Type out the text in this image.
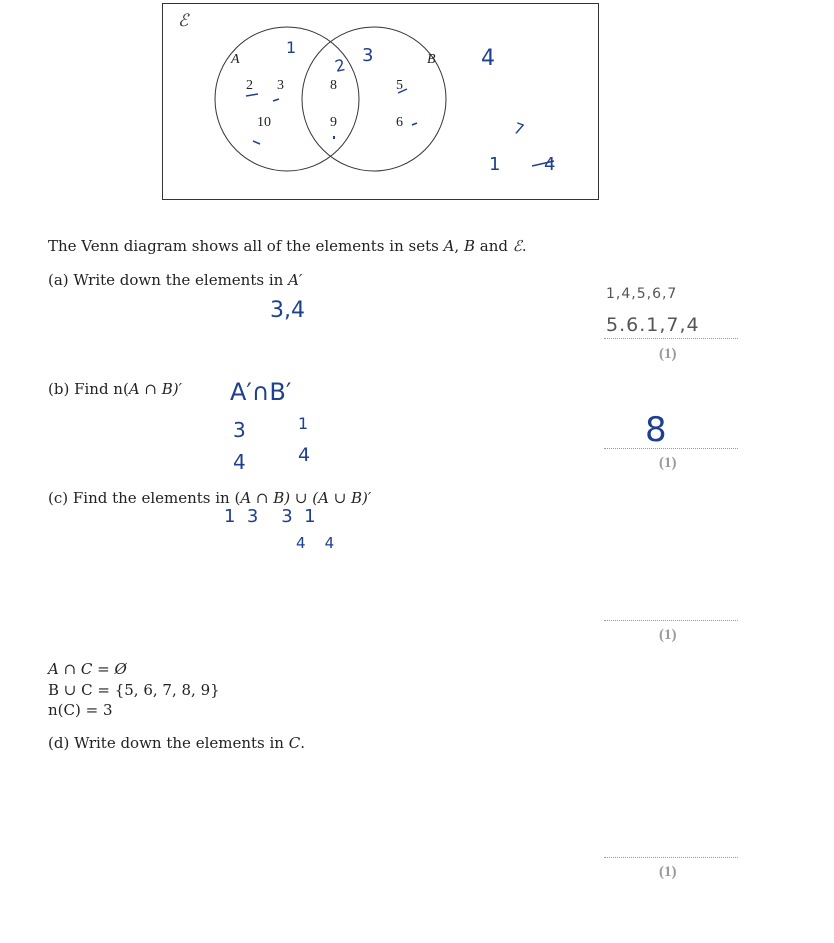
ℰ
A	B
2 3
10
8
9
5
6
1
2 3	4
7
1 4
The Venn diagram shows all of the elements in sets A, B and ℰ.
(a) Write down the elements in A′
3,4
1,4,5,6,7
5.6.1,7,4
(1)
(b) Find n(A ∩ B)′ A′∩B′
3
4
1
4
8
(1)
(c) Find the elements in (A ∩ B) ∪ (A ∪ B)′
1  3    3  1
4    4
(1)
A ∩ C = Ø
B ∪ C = {5, 6, 7, 8, 9}
n(C) = 3
(d) Write down the elements in C.
(1)
